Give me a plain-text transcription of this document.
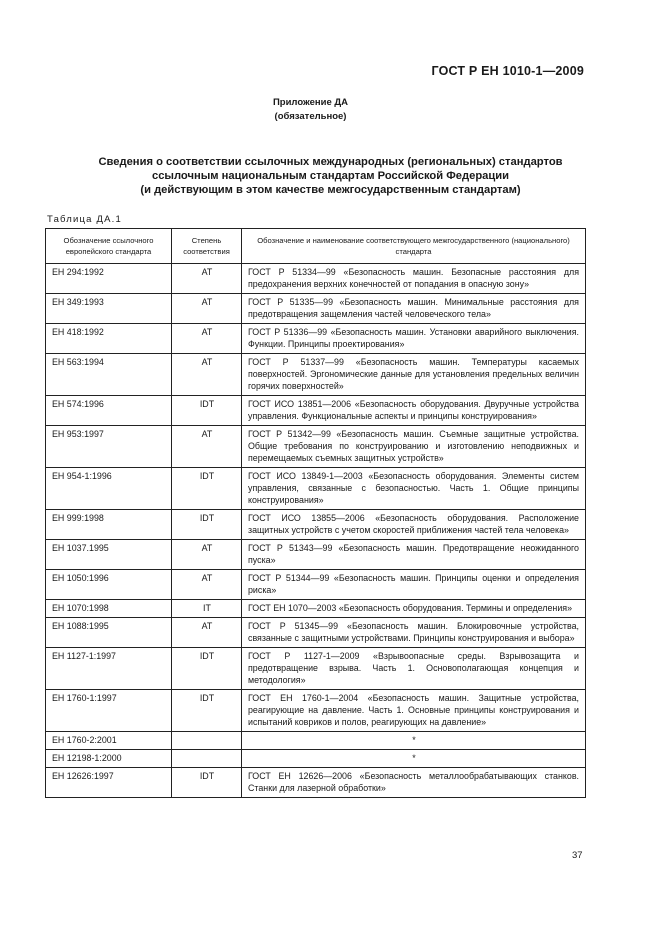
ГОСТ Р ЕН 1010-1—2009
Приложение ДА
(обязательное)
Сведения о соответствии ссылочных международных (региональных) стандартов
ссылочным национальным стандартам Российской Федерации
(и действующим в этом качестве межгосударственным стандартам)
Таблица ДА.1
Обозначение ссылочного европейского стандарта	Степень соответствия	Обозначение и наименование соответствующего межгосударственного (национального) стандарта
ЕН 294:1992	AT	ГОСТ Р 51334—99 «Безопасность машин. Безопасные расстояния для предохранения верхних конечностей от попадания в опасную зону»
ЕН 349:1993	AT	ГОСТ Р 51335—99 «Безопасность машин. Минимальные расстояния для предотвращения защемления частей человеческого тела»
ЕН 418:1992	AT	ГОСТ Р 51336—99 «Безопасность машин. Установки аварийного выключения. Функции. Принципы проектирования»
ЕН 563:1994	AT	ГОСТ Р 51337—99 «Безопасность машин. Температуры касаемых поверхностей. Эргономические данные для установления предельных величин горячих поверхностей»
ЕН 574:1996	IDT	ГОСТ ИСО 13851—2006 «Безопасность оборудования. Двуручные устройства управления. Функциональные аспекты и принципы конструирования»
ЕН 953:1997	AT	ГОСТ Р 51342—99 «Безопасность машин. Съемные защитные устройства. Общие требования по конструированию и изготовлению неподвижных и перемещаемых съемных защитных устройств»
ЕН 954-1:1996	IDT	ГОСТ ИСО 13849-1—2003 «Безопасность оборудования. Элементы систем управления, связанные с безопасностью. Часть 1. Общие принципы конструирования»
ЕН 999:1998	IDT	ГОСТ ИСО 13855—2006 «Безопасность оборудования. Расположение защитных устройств с учетом скоростей приближения частей тела человека»
ЕН 1037.1995	AT	ГОСТ Р 51343—99 «Безопасность машин. Предотвращение неожиданного пуска»
ЕН 1050:1996	AT	ГОСТ Р 51344—99 «Безопасность машин. Принципы оценки и определения риска»
ЕН 1070:1998	IT	ГОСТ ЕН 1070—2003 «Безопасность оборудования. Термины и определения»
ЕН 1088:1995	AT	ГОСТ Р 51345—99 «Безопасность машин. Блокировочные устройства, связанные с защитными устройствами. Принципы конструирования и выбора»
ЕН 1127-1:1997	IDT	ГОСТ Р 1127-1—2009 «Взрывоопасные среды. Взрывозащита и предотвращение взрыва. Часть 1. Основополагающая концепция и методология»
ЕН 1760-1:1997	IDT	ГОСТ ЕН 1760-1—2004 «Безопасность машин. Защитные устройства, реагирующие на давление. Часть 1. Основные принципы конструирования и испытаний ковриков и полов, реагирующих на давление»
ЕН 1760-2:2001		*
ЕН 12198-1:2000		*
ЕН 12626:1997	IDT	ГОСТ ЕН 12626—2006 «Безопасность металлообрабатывающих станков. Станки для лазерной обработки»
37
